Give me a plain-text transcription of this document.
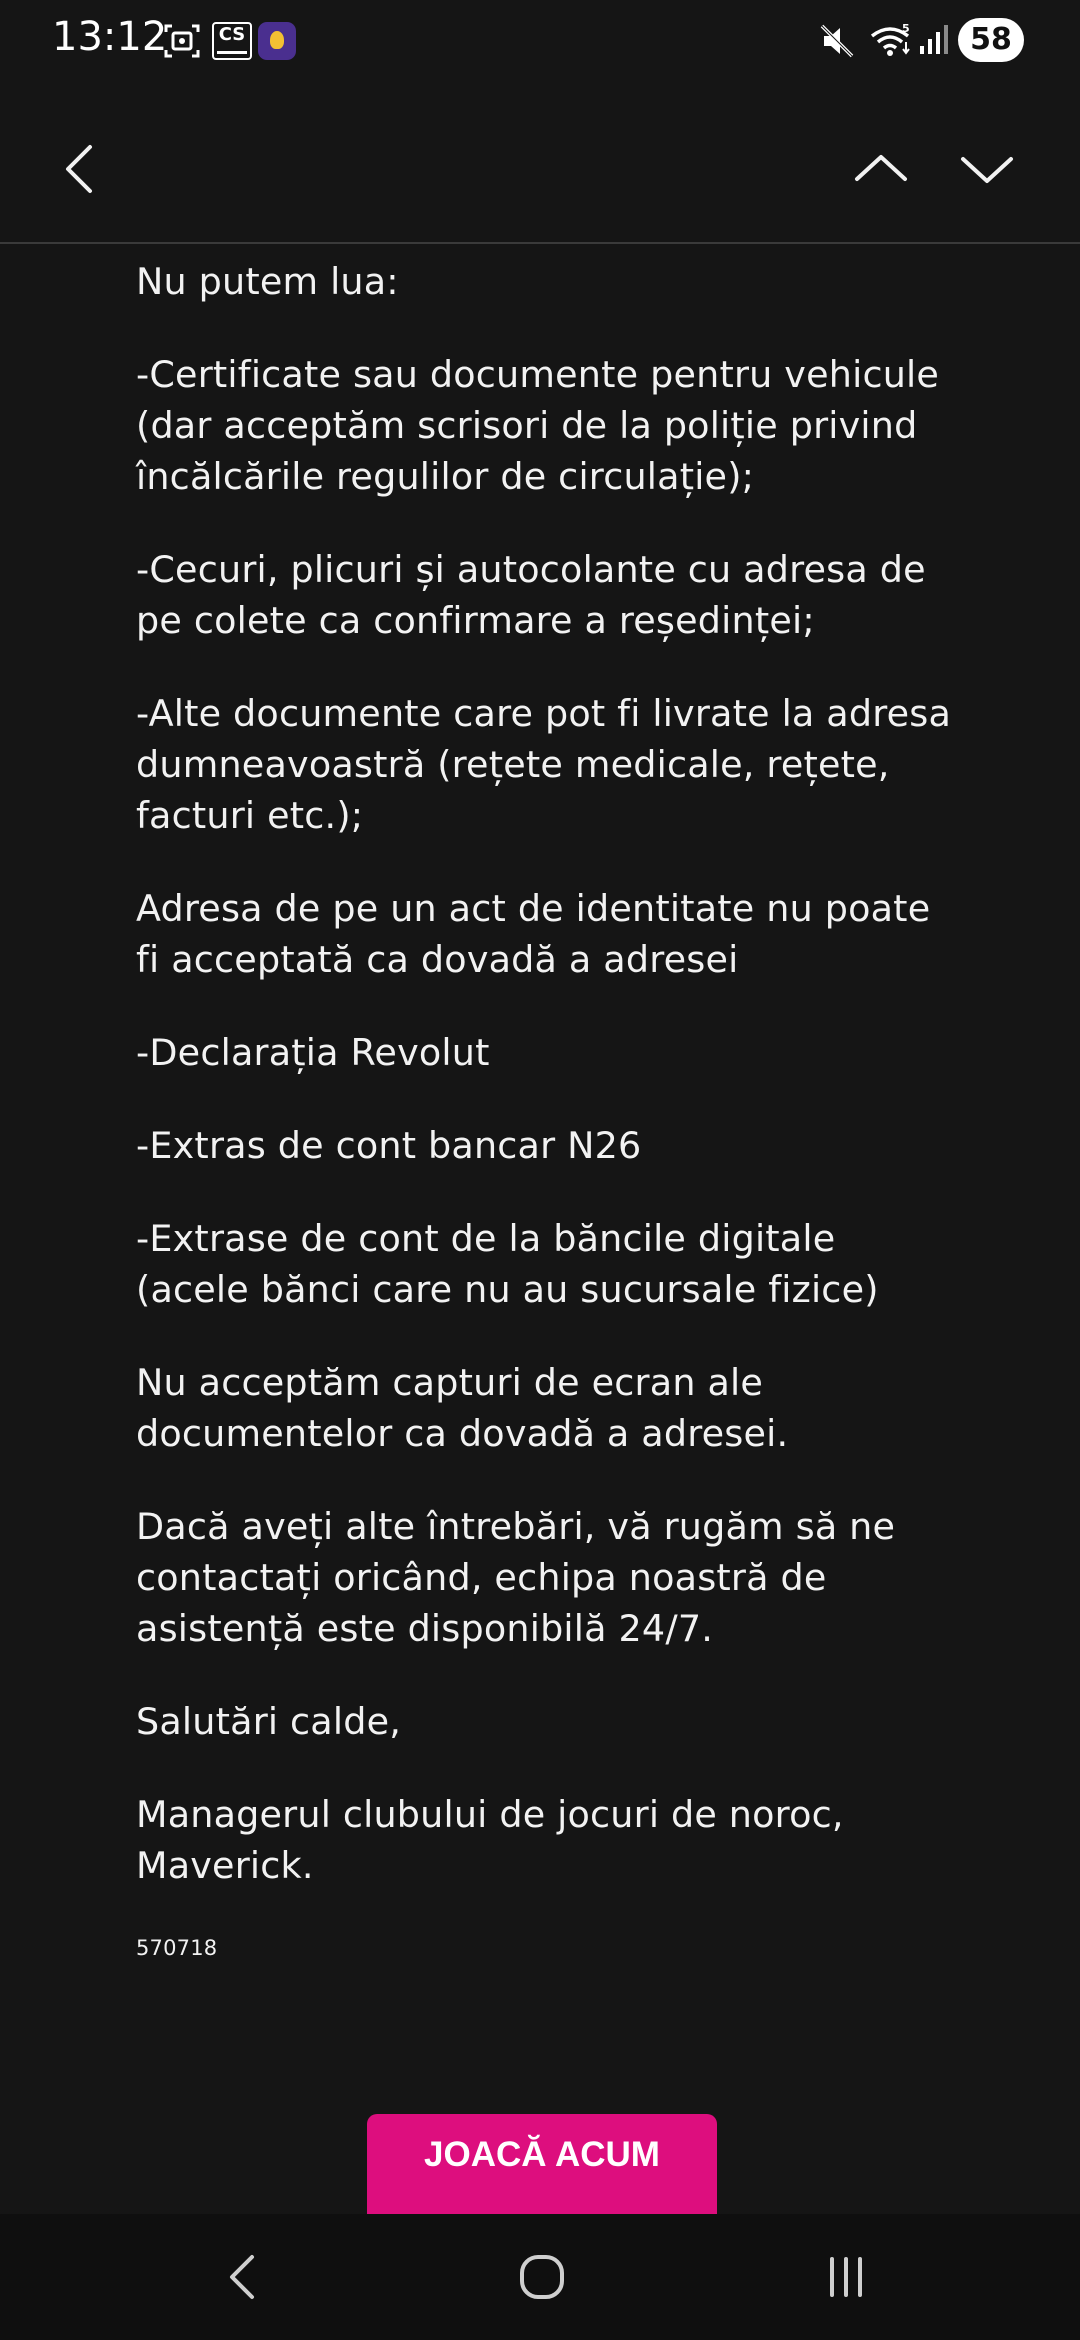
13:12	CS	5	58

Nu putem lua:

-Certificate sau documente pentru vehicule (dar acceptăm scrisori de la poliție privind încălcările regulilor de circulație);

-Cecuri, plicuri și autocolante cu adresa de pe colete ca confirmare a reședinței;

-Alte documente care pot fi livrate la adresa dumneavoastră (rețete medicale, rețete, facturi etc.);

Adresa de pe un act de identitate nu poate fi acceptată ca dovadă a adresei

-Declarația Revolut

-Extras de cont bancar N26

-Extrase de cont de la băncile digitale (acele bănci care nu au sucursale fizice)

Nu acceptăm capturi de ecran ale documentelor ca dovadă a adresei.

Dacă aveți alte întrebări, vă rugăm să ne contactați oricând, echipa noastră de asistență este disponibilă 24/7.

Salutări calde,

Managerul clubului de jocuri de noroc, Maverick.

570718
JOACĂ ACUM
